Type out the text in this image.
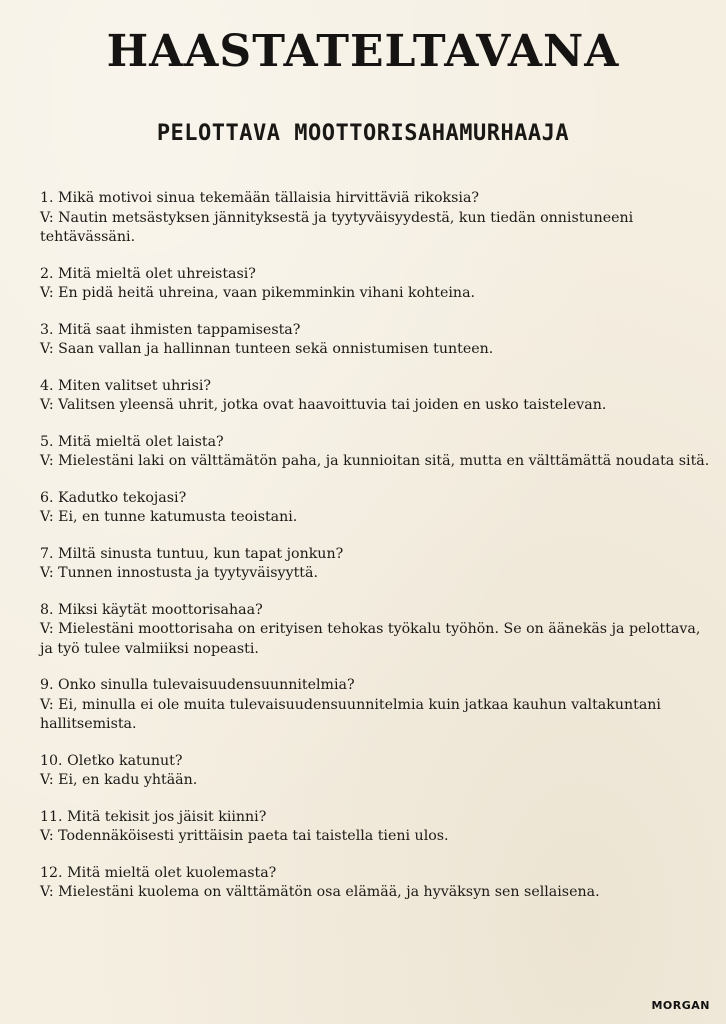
HAASTATELTAVANA
PELOTTAVA MOOTTORISAHAMURHAAJA
1. Mikä motivoi sinua tekemään tällaisia hirvittäviä rikoksia?
V: Nautin metsästyksen jännityksestä ja tyytyväisyydestä, kun tiedän onnistuneeni tehtävässäni.
2. Mitä mieltä olet uhreistasi?
V: En pidä heitä uhreina, vaan pikemminkin vihani kohteina.
3. Mitä saat ihmisten tappamisesta?
V: Saan vallan ja hallinnan tunteen sekä onnistumisen tunteen.
4. Miten valitset uhrisi?
V: Valitsen yleensä uhrit, jotka ovat haavoittuvia tai joiden en usko taistelevan.
5. Mitä mieltä olet laista?
V: Mielestäni laki on välttämätön paha, ja kunnioitan sitä, mutta en välttämättä noudata sitä.
6. Kadutko tekojasi?
V: Ei, en tunne katumusta teoistani.
7. Miltä sinusta tuntuu, kun tapat jonkun?
V: Tunnen innostusta ja tyytyväisyyttä.
8. Miksi käytät moottorisahaa?
V: Mielestäni moottorisaha on erityisen tehokas työkalu työhön. Se on äänekäs ja pelottava, ja työ tulee valmiiksi nopeasti.
9. Onko sinulla tulevaisuudensuunnitelmia?
V: Ei, minulla ei ole muita tulevaisuudensuunnitelmia kuin jatkaa kauhun valtakuntani hallitsemista.
10. Oletko katunut?
V: Ei, en kadu yhtään.
11. Mitä tekisit jos jäisit kiinni?
V: Todennäköisesti yrittäisin paeta tai taistella tieni ulos.
12. Mitä mieltä olet kuolemasta?
V: Mielestäni kuolema on välttämätön osa elämää, ja hyväksyn sen sellaisena.
MORGAN
